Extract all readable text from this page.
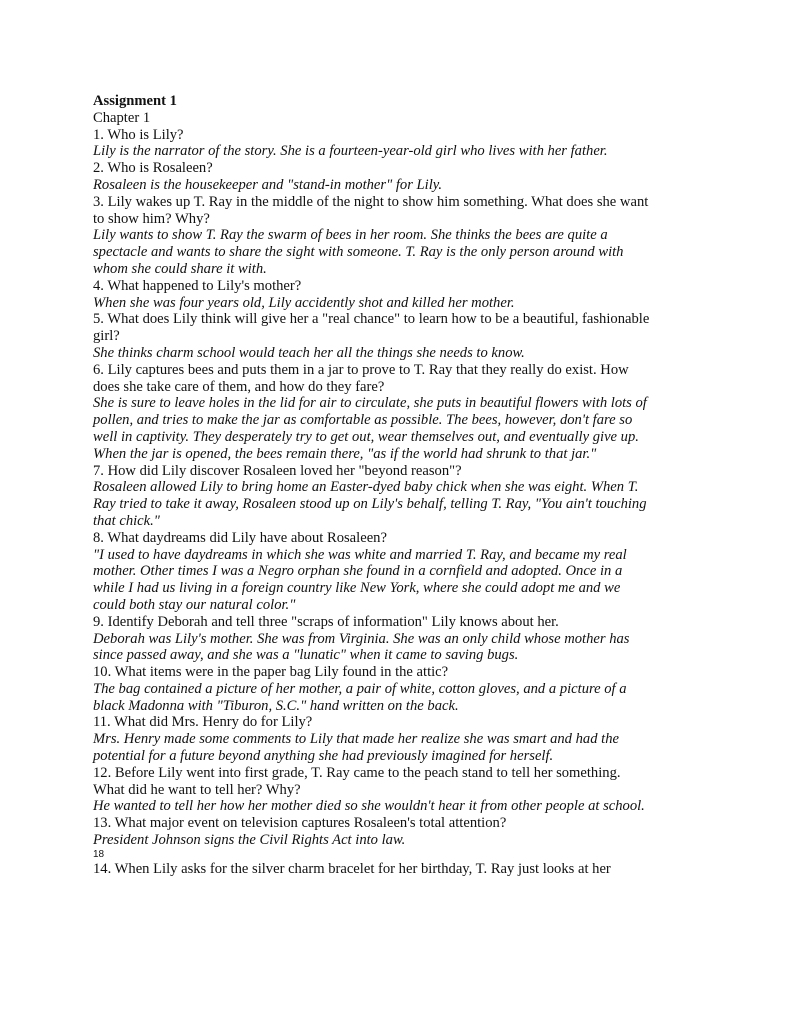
Assignment 1
Chapter 1
1. Who is Lily?
Lily is the narrator of the story. She is a fourteen-year-old girl who lives with her father.
2. Who is Rosaleen?
Rosaleen is the housekeeper and "stand-in mother" for Lily.
3. Lily wakes up T. Ray in the middle of the night to show him something. What does she want to show him? Why?
Lily wants to show T. Ray the swarm of bees in her room. She thinks the bees are quite a spectacle and wants to share the sight with someone. T. Ray is the only person around with whom she could share it with.
4. What happened to Lily's mother?
When she was four years old, Lily accidently shot and killed her mother.
5. What does Lily think will give her a "real chance" to learn how to be a beautiful, fashionable girl?
She thinks charm school would teach her all the things she needs to know.
6. Lily captures bees and puts them in a jar to prove to T. Ray that they really do exist. How does she take care of them, and how do they fare?
She is sure to leave holes in the lid for air to circulate, she puts in beautiful flowers with lots of pollen, and tries to make the jar as comfortable as possible. The bees, however, don't fare so well in captivity. They desperately try to get out, wear themselves out, and eventually give up. When the jar is opened, the bees remain there, "as if the world had shrunk to that jar."
7. How did Lily discover Rosaleen loved her "beyond reason"?
Rosaleen allowed Lily to bring home an Easter-dyed baby chick when she was eight. When T. Ray tried to take it away, Rosaleen stood up on Lily's behalf, telling T. Ray, "You ain't touching that chick."
8. What daydreams did Lily have about Rosaleen?
"I used to have daydreams in which she was white and married T. Ray, and became my real mother. Other times I was a Negro orphan she found in a cornfield and adopted. Once in a while I had us living in a foreign country like New York, where she could adopt me and we could both stay our natural color."
9. Identify Deborah and tell three "scraps of information" Lily knows about her.
Deborah was Lily's mother. She was from Virginia. She was an only child whose mother has since passed away, and she was a "lunatic" when it came to saving bugs.
10. What items were in the paper bag Lily found in the attic?
The bag contained a picture of her mother, a pair of white, cotton gloves, and a picture of a black Madonna with "Tiburon, S.C." hand written on the back.
11. What did Mrs. Henry do for Lily?
Mrs. Henry made some comments to Lily that made her realize she was smart and had the potential for a future beyond anything she had previously imagined for herself.
12. Before Lily went into first grade, T. Ray came to the peach stand to tell her something. What did he want to tell her? Why?
He wanted to tell her how her mother died so she wouldn't hear it from other people at school.
13. What major event on television captures Rosaleen's total attention?
President Johnson signs the Civil Rights Act into law.
18
14. When Lily asks for the silver charm bracelet for her birthday, T. Ray just looks at her
